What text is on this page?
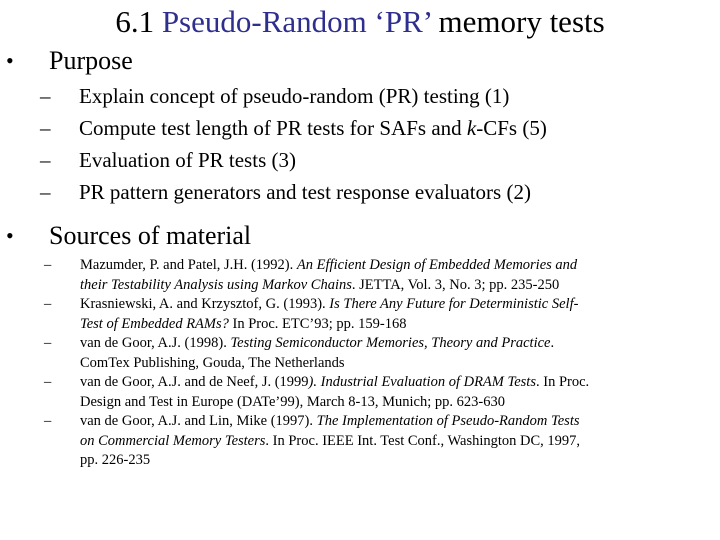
6.1 Pseudo-Random ‘PR’ memory tests
• Purpose
– Explain concept of pseudo-random (PR) testing (1)
– Compute test length of PR tests for SAFs and k-CFs (5)
– Evaluation of PR tests (3)
– PR pattern generators and test response evaluators (2)
• Sources of material
– Mazumder, P. and Patel, J.H. (1992). An Efficient Design of Embedded Memories and
their Testability Analysis using Markov Chains. JETTA, Vol. 3, No. 3; pp. 235-250
– Krasniewski, A. and Krzysztof, G. (1993). Is There Any Future for Deterministic Self-
Test of Embedded RAMs? In Proc. ETC’93; pp. 159-168
– van de Goor, A.J. (1998). Testing Semiconductor Memories, Theory and Practice.
ComTex Publishing, Gouda, The Netherlands
– van de Goor, A.J. and de Neef, J. (1999). Industrial Evaluation of DRAM Tests. In Proc.
Design and Test in Europe (DATe’99), March 8-13, Munich; pp. 623-630
– van de Goor, A.J. and Lin, Mike (1997). The Implementation of Pseudo-Random Tests
on Commercial Memory Testers. In Proc. IEEE Int. Test Conf., Washington DC, 1997,
pp. 226-235
